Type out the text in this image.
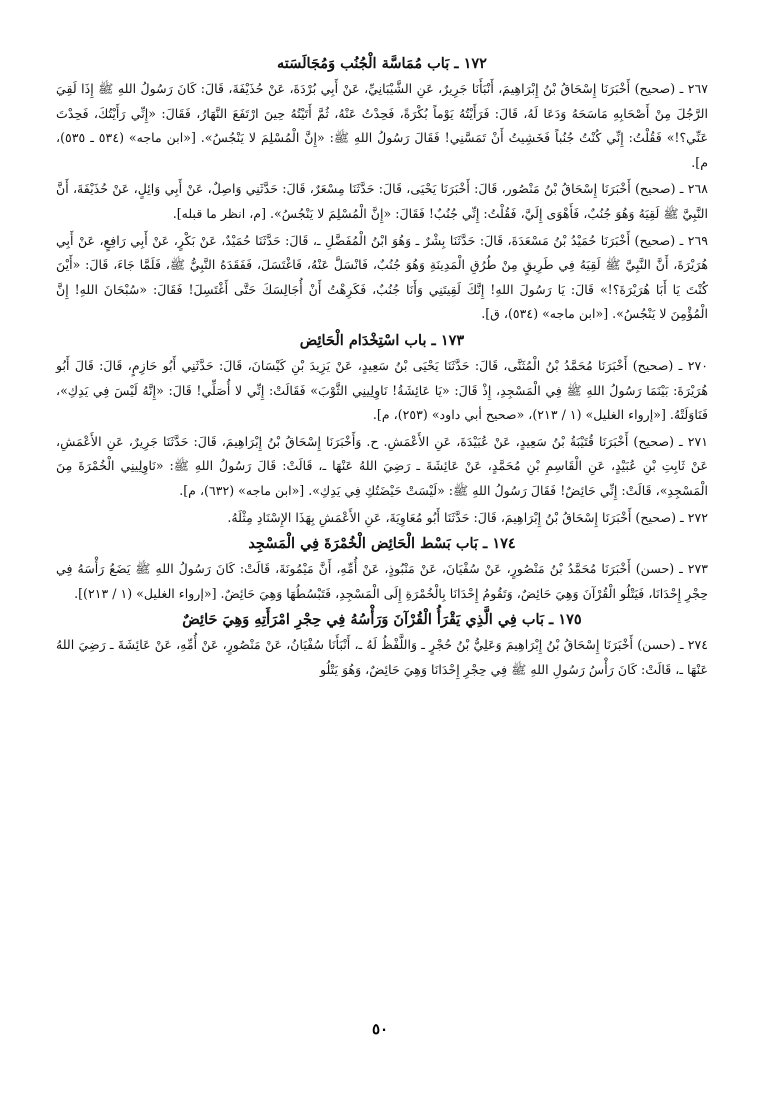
١٧٢ ـ بَاب مُمَاسَّة الْجُنُب وَمُجَالَسَته

٢٦٧ ـ (صحيح) أَخْبَرَنَا إِسْحَاقُ بْنُ إِبْرَاهِيمَ، أَنْبَأَنَا جَرِيرٌ، عَنِ الشَّيْبَانِيِّ، عَنْ أَبِي بُرْدَةَ، عَنْ حُذَيْفَةَ، قَالَ: كَانَ رَسُولُ اللهِ ﷺ إِذَا لَقِيَ الرَّجُلَ مِنْ أَصْحَابِهِ مَاسَحَهُ وَدَعَا لَهُ، قَالَ: فَرَأَيْتُهُ يَوْماً بُكْرَةً، فَحِدْتُ عَنْهُ، ثُمَّ أَتَيْتُهُ حِينَ ارْتَفَعَ النَّهَارُ، فَقَالَ: «إِنِّي رَأَيْتُكَ، فَحِدْتَ عَنِّي؟!» فَقُلْتُ: إِنِّي كُنْتُ جُنُباً فَخَشِيتُ أَنْ تَمَسَّنِي! فَقَالَ رَسُولُ اللهِ ﷺ: «إِنَّ الْمُسْلِمَ لا يَنْجُسُ». [«ابن ماجه» (٥٣٤ ـ ٥٣٥)، م].

٢٦٨ ـ (صحيح) أَخْبَرَنَا إِسْحَاقُ بْنُ مَنْصُور، قَالَ: أَخْبَرَنَا يَحْيَى، قَالَ: حَدَّثَنَا مِسْعَرٌ، قَالَ: حَدَّثَنِي وَاصِلٌ، عَنْ أَبِي وَائِلٍ، عَنْ حُذَيْفَةَ، أَنَّ النَّبِيَّ ﷺ لَقِيَهُ وَهُوَ جُنُبٌ، فَأَهْوَى إِلَيَّ، فَقُلْتُ: إِنِّي جُنُبٌ! فَقَالَ: «إِنَّ الْمُسْلِمَ لا يَنْجُسُ». [م، انظر ما قبله].

٢٦٩ ـ (صحيح) أَخْبَرَنَا حُمَيْدُ بْنُ مَسْعَدَةَ، قَالَ: حَدَّثَنَا بِشْرٌ ـ وَهُوَ ابْنُ الْمُفَضَّلِ ـ، قَالَ: حَدَّثَنَا حُمَيْدٌ، عَنْ بَكْرٍ، عَنْ أَبِي رَافِعٍ، عَنْ أَبِي هُرَيْرَةَ، أَنَّ النَّبِيَّ ﷺ لَقِيَهُ فِي طَرِيقٍ مِنْ طُرُقِ الْمَدِينَةِ وَهُوَ جُنُبٌ، فَانْسَلَّ عَنْهُ، فَاغْتَسَلَ، فَفَقَدَهُ النَّبِيُّ ﷺ، فَلَمَّا جَاءَ، قَالَ: «أَيْنَ كُنْتَ يَا أَبَا هُرَيْرَةَ؟!» قَالَ: يَا رَسُولَ اللهِ! إِنَّكَ لَقِيتَنِي وَأَنَا جُنُبٌ، فَكَرِهْتُ أَنْ أُجَالِسَكَ حَتَّى أَغْتَسِلَ! فَقَالَ: «سُبْحَانَ اللهِ! إِنَّ الْمُؤْمِنَ لا يَنْجُسُ». [«ابن ماجه» (٥٣٤)، ق].

١٧٣ ـ باب اسْتِخْدَام الْحَائِض

٢٧٠ ـ (صحيح) أَخْبَرَنَا مُحَمَّدُ بْنُ الْمُثَنَّى، قَالَ: حَدَّثَنَا يَحْيَى بْنُ سَعِيدٍ، عَنْ يَزِيدَ بْنِ كَيْسَانَ، قَالَ: حَدَّثَنِي أَبُو حَازِمٍ، قَالَ: قَالَ أَبُو هُرَيْرَةَ: بَيْنَمَا رَسُولُ اللهِ ﷺ فِي الْمَسْجِدِ، إِذْ قَالَ: «يَا عَائِشَةُ! نَاوِلِينِي الثَّوْبَ» فَقَالَتْ: إِنِّي لا أُصَلِّي! قَالَ: «إِنَّهُ لَيْسَ فِي يَدِكِ»، فَنَاوَلَتْهُ. [«إرواء الغليل» (١ / ٢١٣)، «صحيح أبي داود» (٢٥٣)، م].

٢٧١ ـ (صحيح) أَخْبَرَنَا قُتَيْبَةُ بْنُ سَعِيدٍ، عَنْ عُبَيْدَةَ، عَنِ الأَعْمَشِ. ح. وَأَخْبَرَنَا إِسْحَاقُ بْنُ إِبْرَاهِيمَ، قَالَ: حَدَّثَنَا جَرِيرٌ، عَنِ الأَعْمَشِ، عَنْ ثَابِتِ بْنِ عُبَيْدٍ، عَنِ الْقَاسِمِ بْنِ مُحَمَّدٍ، عَنْ عَائِشَةَ ـ رَضِيَ اللهُ عَنْهَا ـ، قَالَتْ: قَالَ رَسُولُ اللهِ ﷺ: «نَاوِلِينِي الْخُمْرَةَ مِنَ الْمَسْجِدِ»، قَالَتْ: إِنِّي حَائِضٌ! فَقَالَ رَسُولُ اللهِ ﷺ: «لَيْسَتْ حَيْضَتُكِ فِي يَدِكِ». [«ابن ماجه» (٦٣٢)، م].

٢٧٢ ـ (صحيح) أَخْبَرَنَا إِسْحَاقُ بْنُ إِبْرَاهِيمَ، قَالَ: حَدَّثَنَا أَبُو مُعَاوِيَةَ، عَنِ الأَعْمَشِ بِهَذَا الإِسْنَادِ مِثْلَهُ.

١٧٤ ـ بَاب بَسْط الْحَائِض الْخُمْرَةَ فِي الْمَسْجِد

٢٧٣ ـ (حسن) أَخْبَرَنَا مُحَمَّدُ بْنُ مَنْصُورٍ، عَنْ سُفْيَانَ، عَنْ مَنْبُوذٍ، عَنْ أُمِّهِ، أَنَّ مَيْمُونَةَ، قَالَتْ: كَانَ رَسُولُ اللهِ ﷺ يَضَعُ رَأْسَهُ فِي حِجْرِ إِحْدَانَا، فَيَتْلُو الْقُرْآنَ وَهِيَ حَائِضٌ، وَتَقُومُ إِحْدَانَا بِالْخُمْرَةِ إِلَى الْمَسْجِدِ، فَتَبْسُطُهَا وَهِيَ حَائِضٌ. [«إرواء الغليل» (١ / ٢١٣)].

١٧٥ ـ بَاب فِي الَّذِي يَقْرَأُ الْقُرْآنَ وَرَأْسُهُ فِي حِجْرِ امْرَأَتِهِ وَهِيَ حَائِضٌ

٢٧٤ ـ (حسن) أَخْبَرَنَا إِسْحَاقُ بْنُ إِبْرَاهِيمَ وَعَلِيُّ بْنُ حُجْرٍ ـ وَاللَّفْظُ لَهُ ـ، أَنْبَأَنَا سُفْيَانُ، عَنْ مَنْصُورٍ، عَنْ أُمِّهِ، عَنْ عَائِشَةَ ـ رَضِيَ اللهُ عَنْهَا ـ، قَالَتْ: كَانَ رَأْسُ رَسُولِ اللهِ ﷺ فِي حِجْرِ إِحْدَانَا وَهِيَ حَائِضٌ، وَهُوَ يَتْلُو

٥٠
